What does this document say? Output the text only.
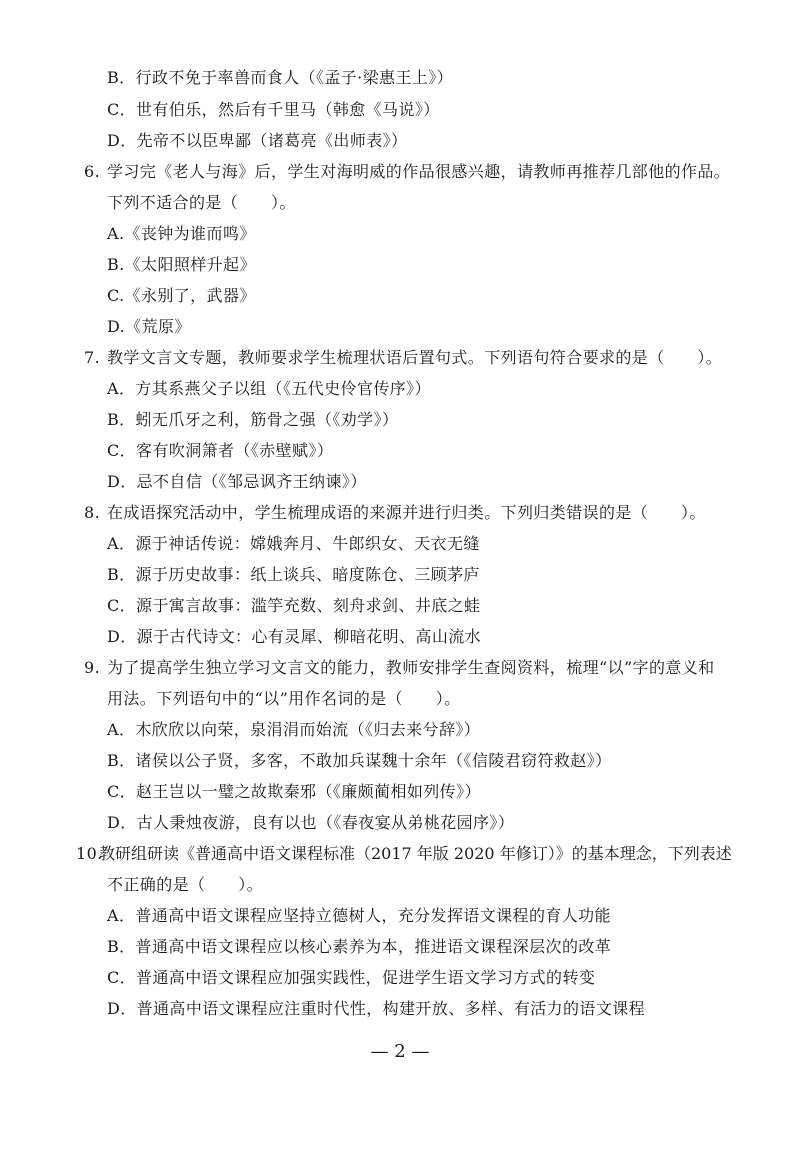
B．行政不免于率兽而食人（《孟子·梁惠王上》）
C．世有伯乐，然后有千里马（韩愈《马说》）
D．先帝不以臣卑鄙（诸葛亮《出师表》）
6. 学习完《老人与海》后，学生对海明威的作品很感兴趣，请教师再推荐几部他的作品。
下列不适合的是（　　）。
A.《丧钟为谁而鸣》
B.《太阳照样升起》
C.《永别了，武器》
D.《荒原》
7. 教学文言文专题，教师要求学生梳理状语后置句式。下列语句符合要求的是（　　）。
A．方其系燕父子以组（《五代史伶官传序》）
B．蚓无爪牙之利，筋骨之强（《劝学》）
C．客有吹洞箫者（《赤壁赋》）
D．忌不自信（《邹忌讽齐王纳谏》）
8. 在成语探究活动中，学生梳理成语的来源并进行归类。下列归类错误的是（　　）。
A．源于神话传说：嫦娥奔月、牛郎织女、天衣无缝
B．源于历史故事：纸上谈兵、暗度陈仓、三顾茅庐
C．源于寓言故事：滥竽充数、刻舟求剑、井底之蛙
D．源于古代诗文：心有灵犀、柳暗花明、高山流水
9. 为了提高学生独立学习文言文的能力，教师安排学生查阅资料，梳理“以”字的意义和
用法。下列语句中的“以”用作名词的是（　　）。
A．木欣欣以向荣，泉涓涓而始流（《归去来兮辞》）
B．诸侯以公子贤，多客，不敢加兵谋魏十余年（《信陵君窃符救赵》）
C．赵王岂以一璧之故欺秦邪（《廉颇蔺相如列传》）
D．古人秉烛夜游，良有以也（《春夜宴从弟桃花园序》）
10.教研组研读《普通高中语文课程标准（2017 年版 2020 年修订）》的基本理念，下列表述
不正确的是（　　）。
A．普通高中语文课程应坚持立德树人，充分发挥语文课程的育人功能
B．普通高中语文课程应以核心素养为本，推进语文课程深层次的改革
C．普通高中语文课程应加强实践性，促进学生语文学习方式的转变
D．普通高中语文课程应注重时代性，构建开放、多样、有活力的语文课程
— 2 —
